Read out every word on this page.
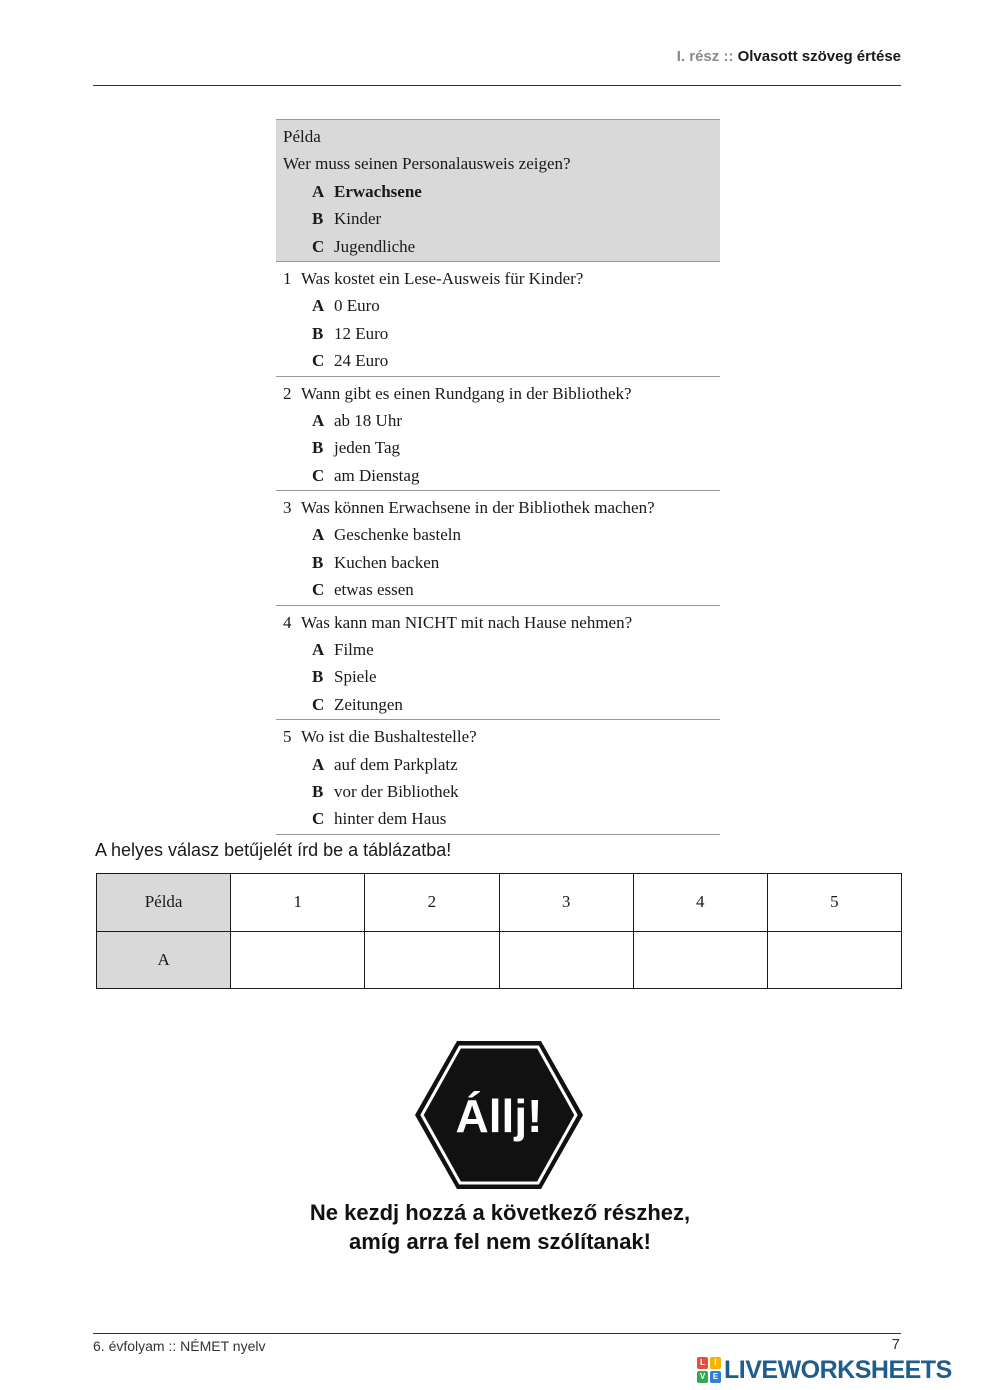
I. rész :: Olvasott szöveg értése
Példa
Wer muss seinen Personalausweis zeigen?
A Erwachsene
B Kinder
C Jugendliche
1 Was kostet ein Lese-Ausweis für Kinder?
A 0 Euro
B 12 Euro
C 24 Euro
2 Wann gibt es einen Rundgang in der Bibliothek?
A ab 18 Uhr
B jeden Tag
C am Dienstag
3 Was können Erwachsene in der Bibliothek machen?
A Geschenke basteln
B Kuchen backen
C etwas essen
4 Was kann man NICHT mit nach Hause nehmen?
A Filme
B Spiele
C Zeitungen
5 Wo ist die Bushaltestelle?
A auf dem Parkplatz
B vor der Bibliothek
C hinter dem Haus
A helyes válasz betűjelét írd be a táblázatba!
Példa	1	2	3	4	5
A					
Állj!
Ne kezdj hozzá a következő részhez,
amíg arra fel nem szólítanak!
6. évfolyam :: NÉMET nyelv	7
L	I
V E LIVEWORKSHEETS
